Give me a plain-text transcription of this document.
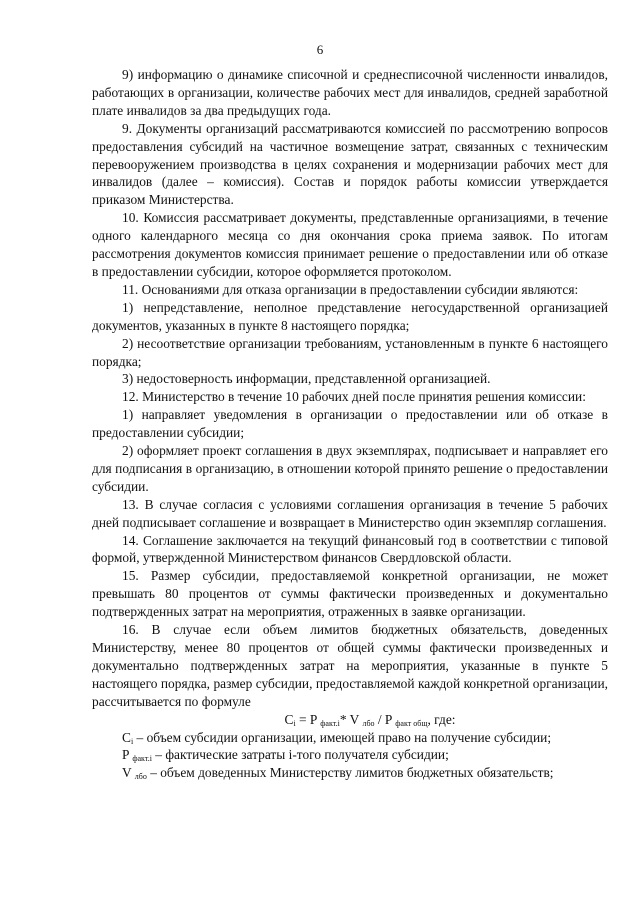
6

9) информацию о динамике списочной и среднесписочной численности инвалидов, работающих в организации, количестве рабочих мест для инвалидов, средней заработной плате инвалидов за два предыдущих года.

9. Документы организаций рассматриваются комиссией по рассмотрению вопросов предоставления субсидий на частичное возмещение затрат, связанных с техническим перевооружением производства в целях сохранения и модернизации рабочих мест для инвалидов (далее – комиссия). Состав и порядок работы комиссии утверждается приказом Министерства.

10. Комиссия рассматривает документы, представленные организациями, в течение одного календарного месяца со дня окончания срока приема заявок. По итогам рассмотрения документов комиссия принимает решение о предоставлении или об отказе в предоставлении субсидии, которое оформляется протоколом.

11. Основаниями для отказа организации в предоставлении субсидии являются:

1) непредставление, неполное представление негосударственной организацией документов, указанных в пункте 8 настоящего порядка;

2) несоответствие организации требованиям, установленным в пункте 6 настоящего порядка;

3) недостоверность информации, представленной организацией.

12. Министерство в течение 10 рабочих дней после принятия решения комиссии:

1) направляет уведомления в организации о предоставлении или об отказе в предоставлении субсидии;

2) оформляет проект соглашения в двух экземплярах, подписывает и направляет его для подписания в организацию, в отношении которой принято решение о предоставлении субсидии.

13. В случае согласия с условиями соглашения организация в течение 5 рабочих дней подписывает соглашение и возвращает в Министерство один экземпляр соглашения.

14. Соглашение заключается на текущий финансовый год в соответствии с типовой формой, утвержденной Министерством финансов Свердловской области.

15. Размер субсидии, предоставляемой конкретной организации, не может превышать 80 процентов от суммы фактически произведенных и документально подтвержденных затрат на мероприятия, отраженных в заявке организации.

16. В случае если объем лимитов бюджетных обязательств, доведенных Министерству, менее 80 процентов от общей суммы фактически произведенных и документально подтвержденных затрат на мероприятия, указанные в пункте 5 настоящего порядка, размер субсидии, предоставляемой каждой конкретной организации, рассчитывается по формуле

$C_i = P$ $_{факт.i}$* V $_{лбо}$ / P $_{факт общ}$, где:

$C_i$ – объем субсидии организации, имеющей право на получение субсидии;

P $_{факт.i}$ – фактические затраты i-того получателя субсидии;

V $_{лбо}$ – объем доведенных Министерству лимитов бюджетных обязательств;
